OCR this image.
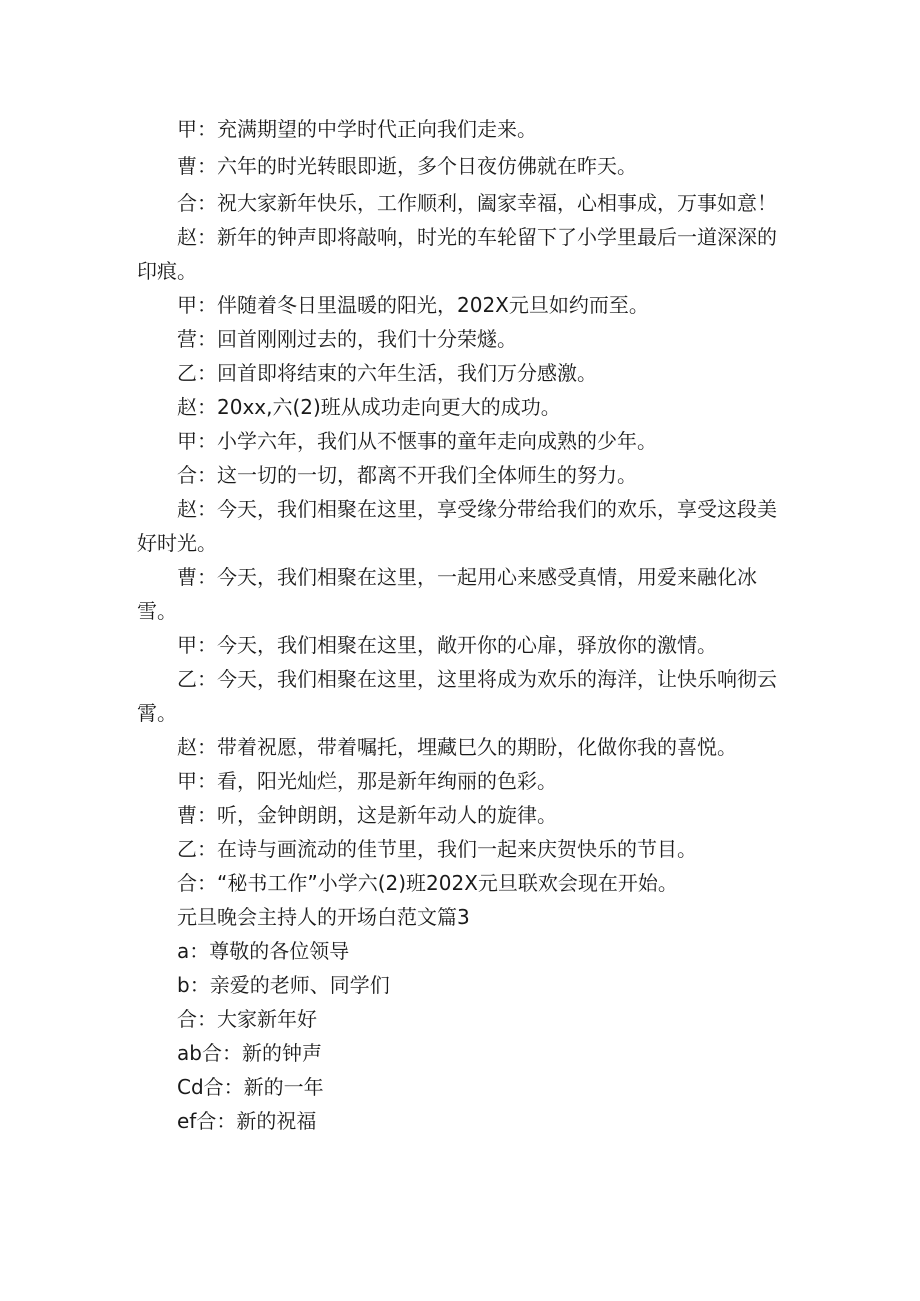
甲：充满期望的中学时代正向我们走来。

曹：六年的时光转眼即逝，多个日夜仿佛就在昨天。

合：祝大家新年快乐，工作顺利，阖家幸福，心相事成，万事如意！

赵：新年的钟声即将敲响，时光的车轮留下了小学里最后一道深深的印痕。

甲：伴随着冬日里温暖的阳光，202X元旦如约而至。

营：回首刚刚过去的，我们十分荣燧。

乙：回首即将结束的六年生活，我们万分感激。

赵：20xx,六(2)班从成功走向更大的成功。

甲：小学六年，我们从不惬事的童年走向成熟的少年。

合：这一切的一切，都离不开我们全体师生的努力。

赵：今天，我们相聚在这里，享受缘分带给我们的欢乐，享受这段美好时光。

曹：今天，我们相聚在这里，一起用心来感受真情，用爱来融化冰雪。

甲：今天，我们相聚在这里，敞开你的心扉，驿放你的激情。

乙：今天，我们相聚在这里，这里将成为欢乐的海洋，让快乐响彻云霄。

赵：带着祝愿，带着嘱托，埋藏巳久的期盼，化做你我的喜悦。

甲：看，阳光灿烂，那是新年绚丽的色彩。

曹：听，金钟朗朗，这是新年动人的旋律。

乙：在诗与画流动的佳节里，我们一起来庆贺快乐的节目。

合：“秘书工作”小学六(2)班202X元旦联欢会现在开始。

元旦晚会主持人的开场白范文篇3

a：尊敬的各位领导

b：亲爱的老师、同学们

合：大家新年好

ab合：新的钟声

Cd合：新的一年

ef合：新的祝福
